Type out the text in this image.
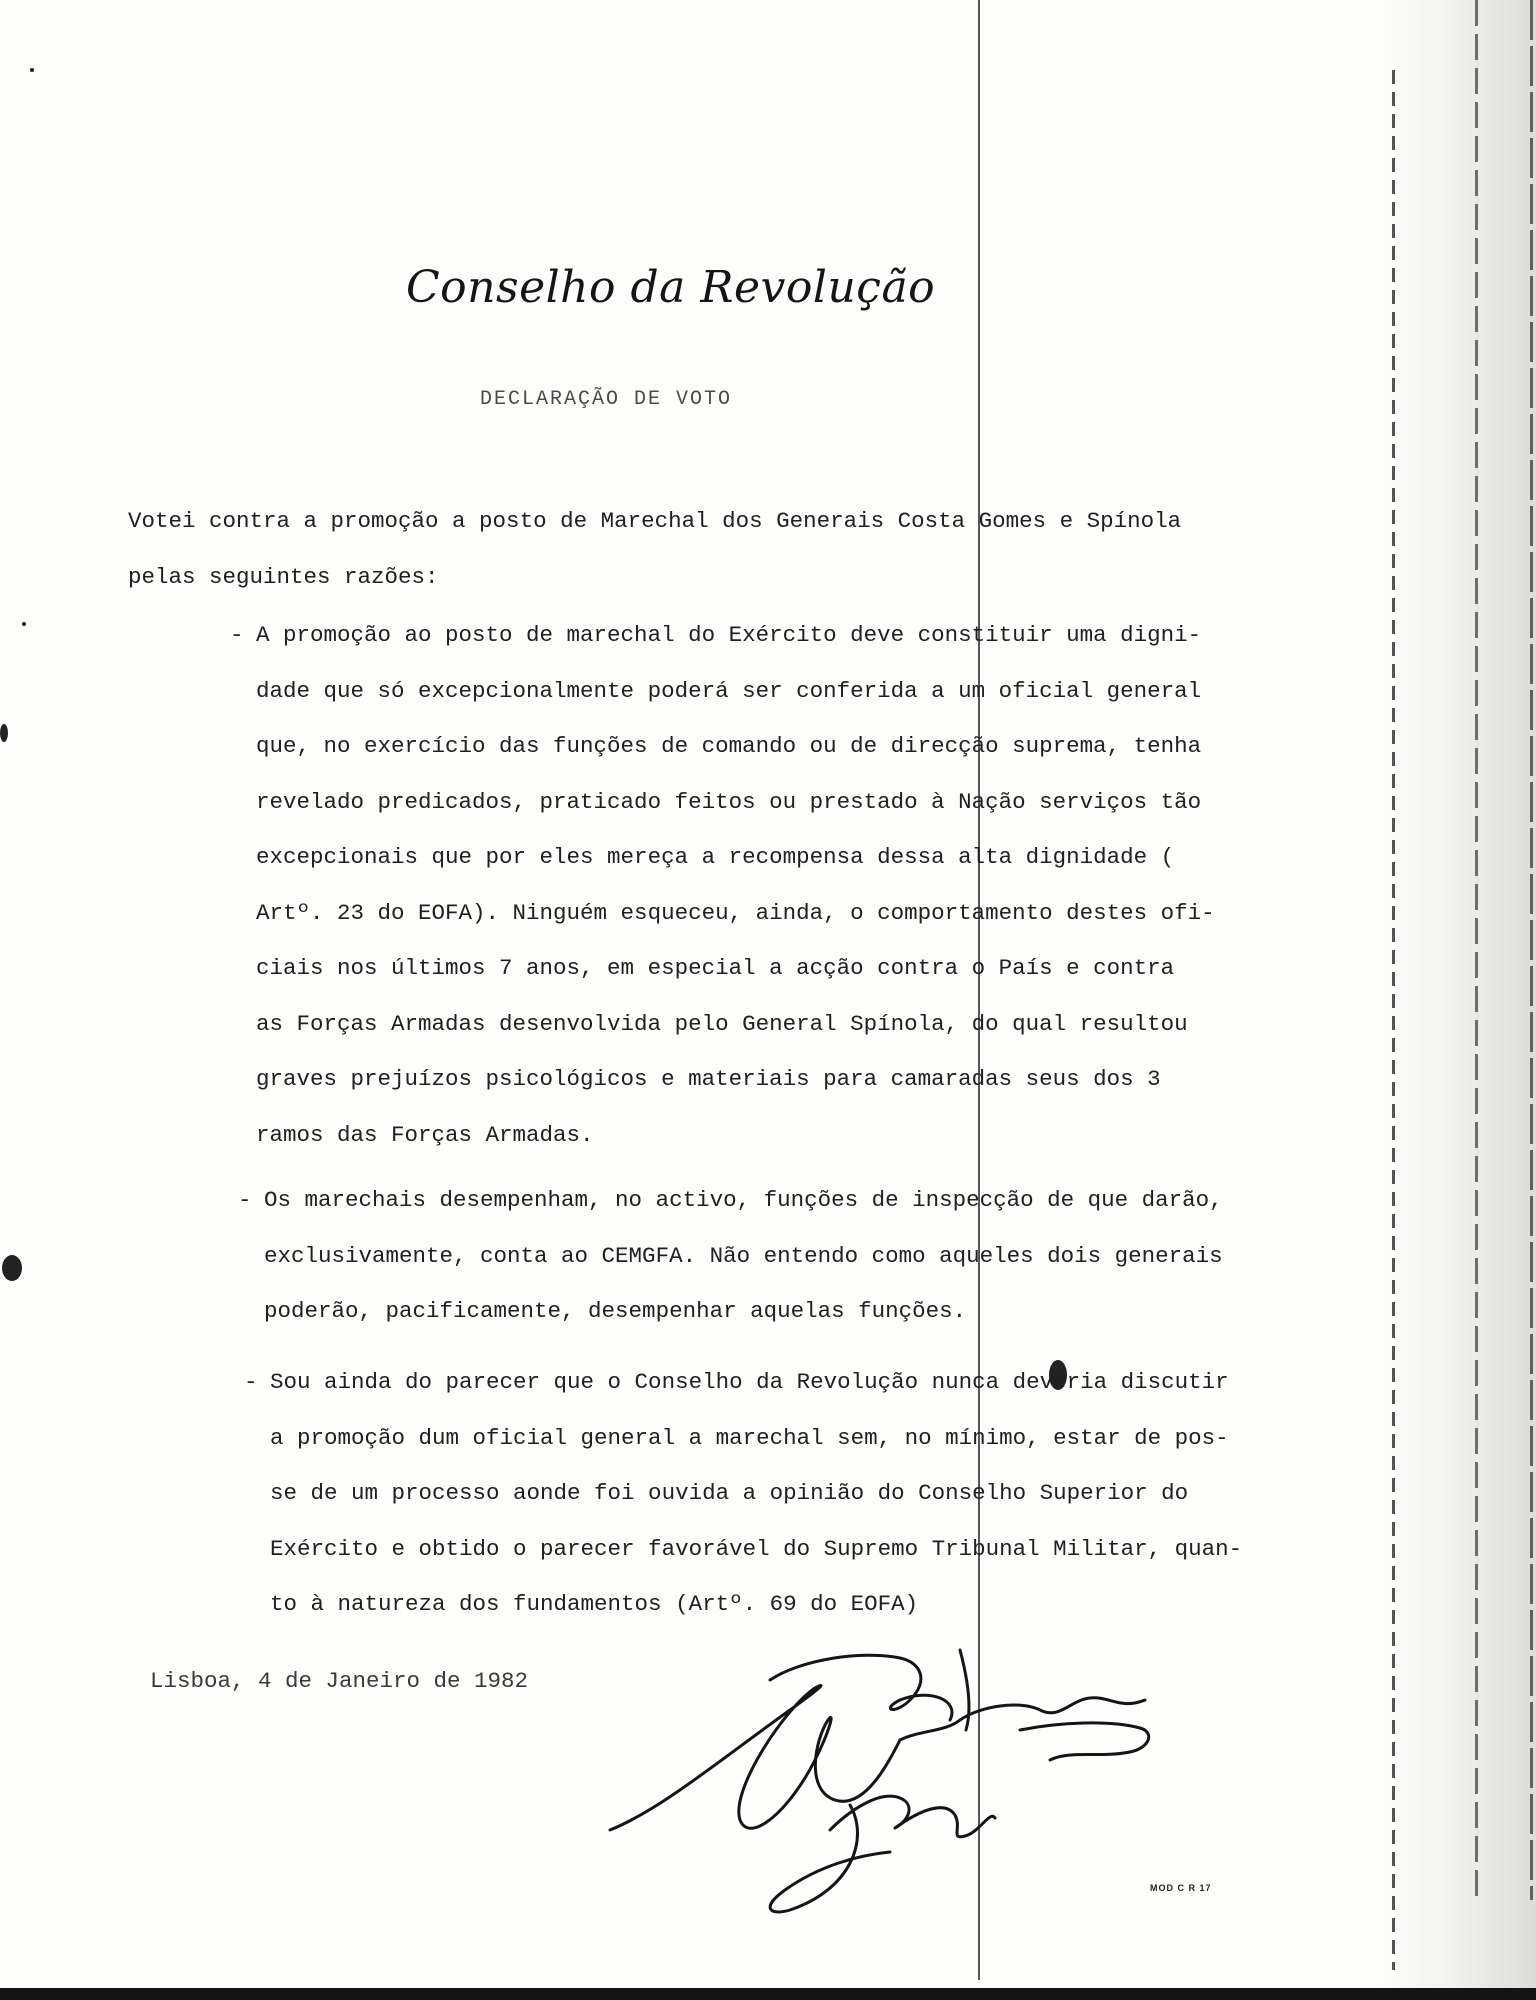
Conselho da Revolução
DECLARAÇÃO DE VOTO
Votei contra a promoção a posto de Marechal dos Generais Costa Gomes e Spínola
pelas seguintes razões:
- A promoção ao posto de marechal do Exército deve constituir uma digni-
dade que só excepcionalmente poderá ser conferida a um oficial general
que, no exercício das funções de comando ou de direcção suprema, tenha
revelado predicados, praticado feitos ou prestado à Nação serviços tão
excepcionais que por eles mereça a recompensa dessa alta dignidade (
Artº. 23 do EOFA). Ninguém esqueceu, ainda, o comportamento destes ofi-
ciais nos últimos 7 anos, em especial a acção contra o País e contra
as Forças Armadas desenvolvida pelo General Spínola, do qual resultou
graves prejuízos psicológicos e materiais para camaradas seus dos 3
ramos das Forças Armadas.
- Os marechais desempenham, no activo, funções de inspecção de que darão,
exclusivamente, conta ao CEMGFA. Não entendo como aqueles dois generais
poderão, pacificamente, desempenhar aquelas funções.
- Sou ainda do parecer que o Conselho da Revolução nunca deveria discutir
a promoção dum oficial general a marechal sem, no mínimo, estar de pos-
se de um processo aonde foi ouvida a opinião do Conselho Superior do
Exército e obtido o parecer favorável do Supremo Tribunal Militar, quan-
to à natureza dos fundamentos (Artº. 69 do EOFA)
Lisboa, 4 de Janeiro de 1982
MOD C R 17
